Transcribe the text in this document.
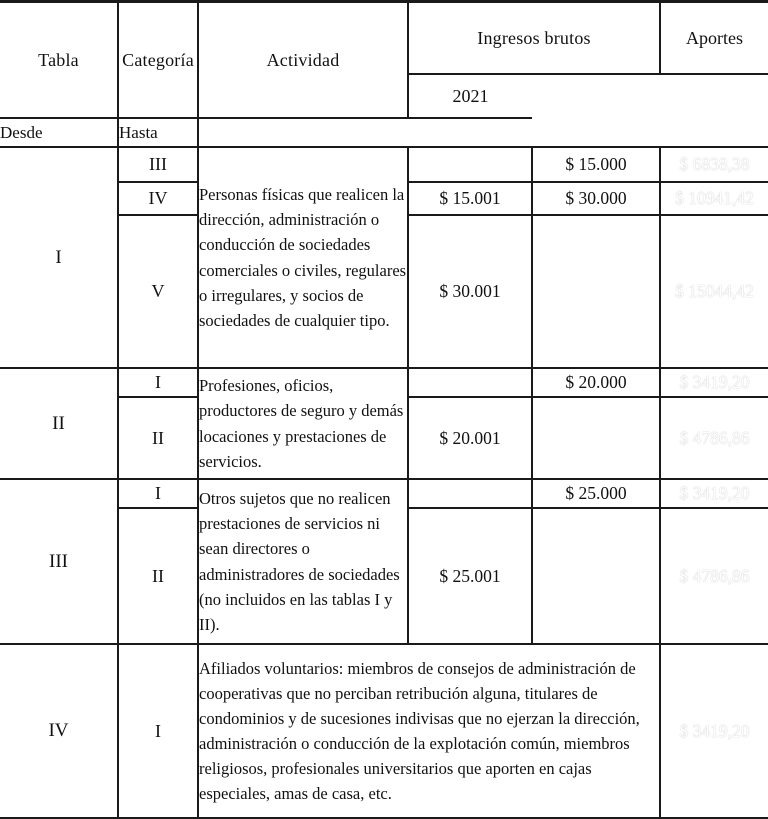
Tabla	Categoría	Actividad	Ingresos brutos		Aportes
			2021		
Desde	Hasta				
I	III	Personas físicas que realicen la dirección, administración o conducción de sociedades comerciales o civiles, regulares o irregulares, y socios de sociedades de cualquier tipo.		$ 15.000	$ 6838,38
	IV		$ 15.001	$ 30.000	$ 10941,42
	V		$ 30.001		$ 15044,42
II	I	Profesiones, oficios, productores de seguro y demás locaciones y prestaciones de servicios.		$ 20.000	$ 3419,20
	II		$ 20.001		$ 4786,86
III	I	Otros sujetos que no realicen prestaciones de servicios ni sean directores o administradores de sociedades (no incluidos en las tablas I y II).		$ 25.000	$ 3419,20
	II		$ 25.001		$ 4786,86
IV	I	Afiliados voluntarios: miembros de consejos de administración de cooperativas que no perciban retribución alguna, titulares de condominios y de sucesiones indivisas que no ejerzan la dirección, administración o conducción de la explotación común, miembros religiosos, profesionales universitarios que aporten en cajas especiales, amas de casa, etc.			$ 3419,20
